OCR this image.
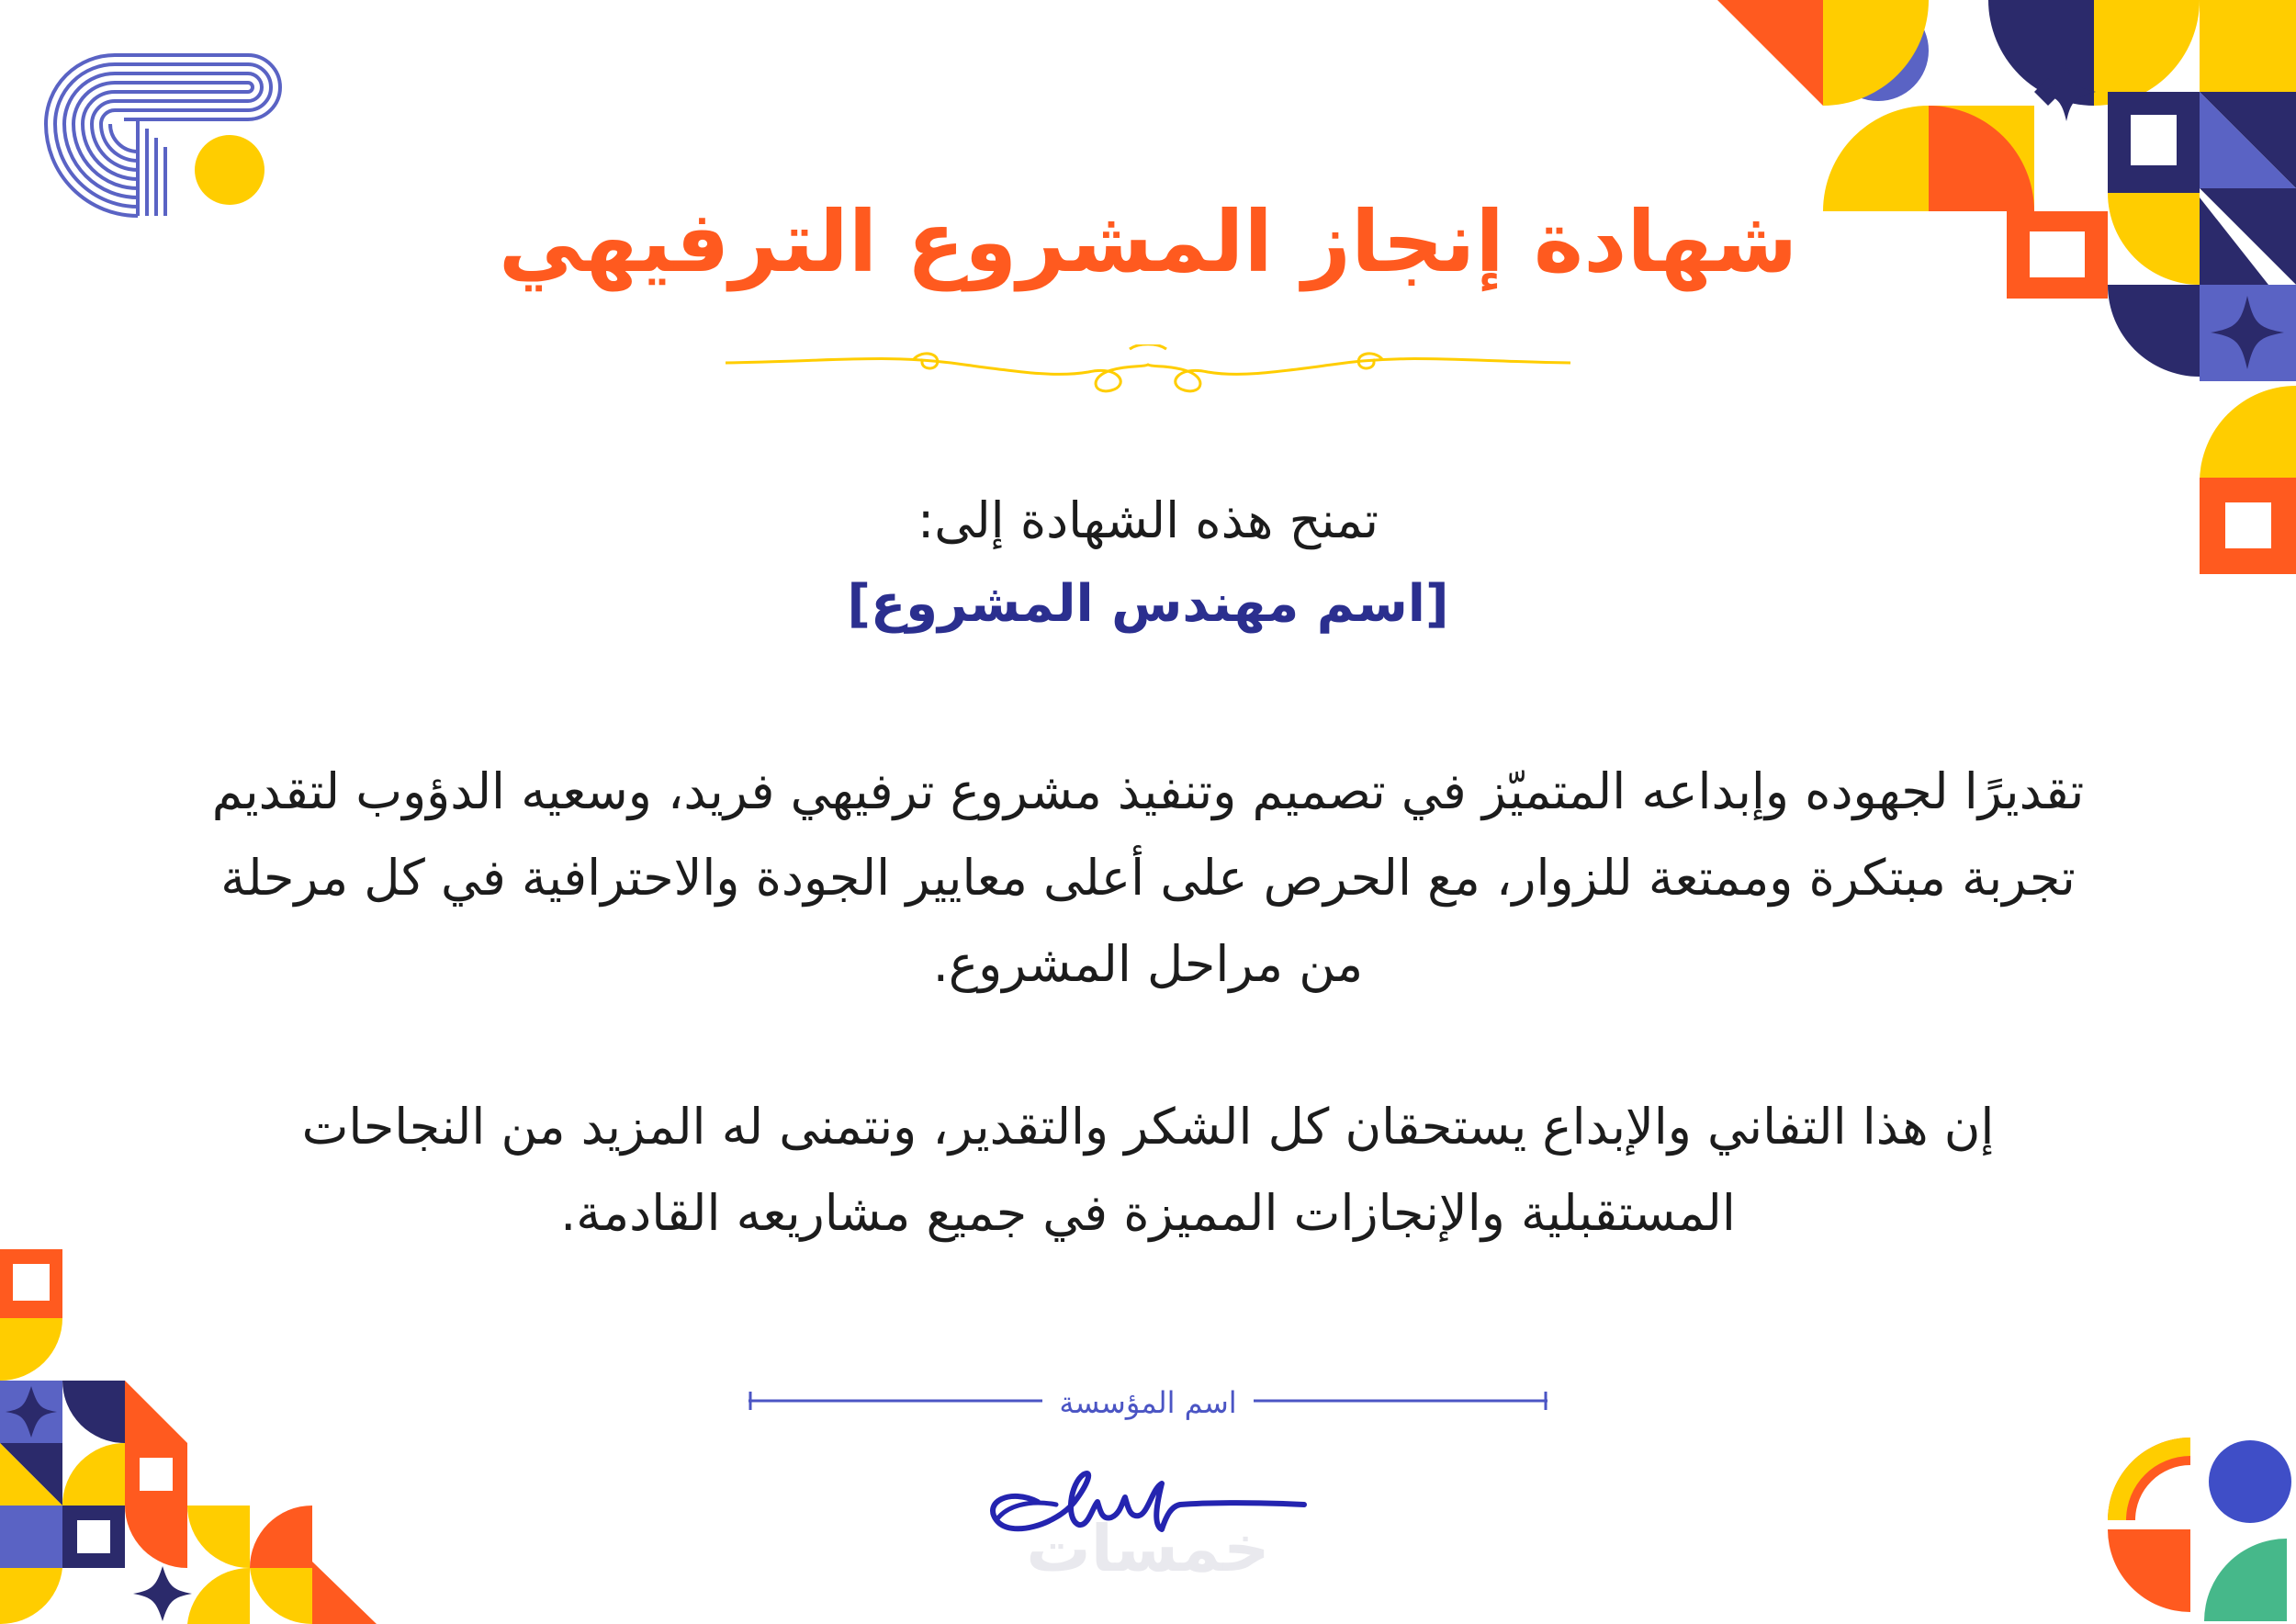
شهادة إنجاز المشروع الترفيهي
تمنح هذه الشهادة إلى:
[اسم مهندس المشروع]
تقديرًا لجهوده وإبداعه المتميّز في تصميم وتنفيذ مشروع ترفيهي فريد، وسعيه الدؤوب لتقديم تجربة مبتكرة وممتعة للزوار، مع الحرص على أعلى معايير الجودة والاحترافية في كل مرحلة من مراحل المشروع.
إن هذا التفاني والإبداع يستحقان كل الشكر والتقدير، ونتمنى له المزيد من النجاحات المستقبلية والإنجازات المميزة في جميع مشاريعه القادمة.
اسم المؤسسة
خمسات
